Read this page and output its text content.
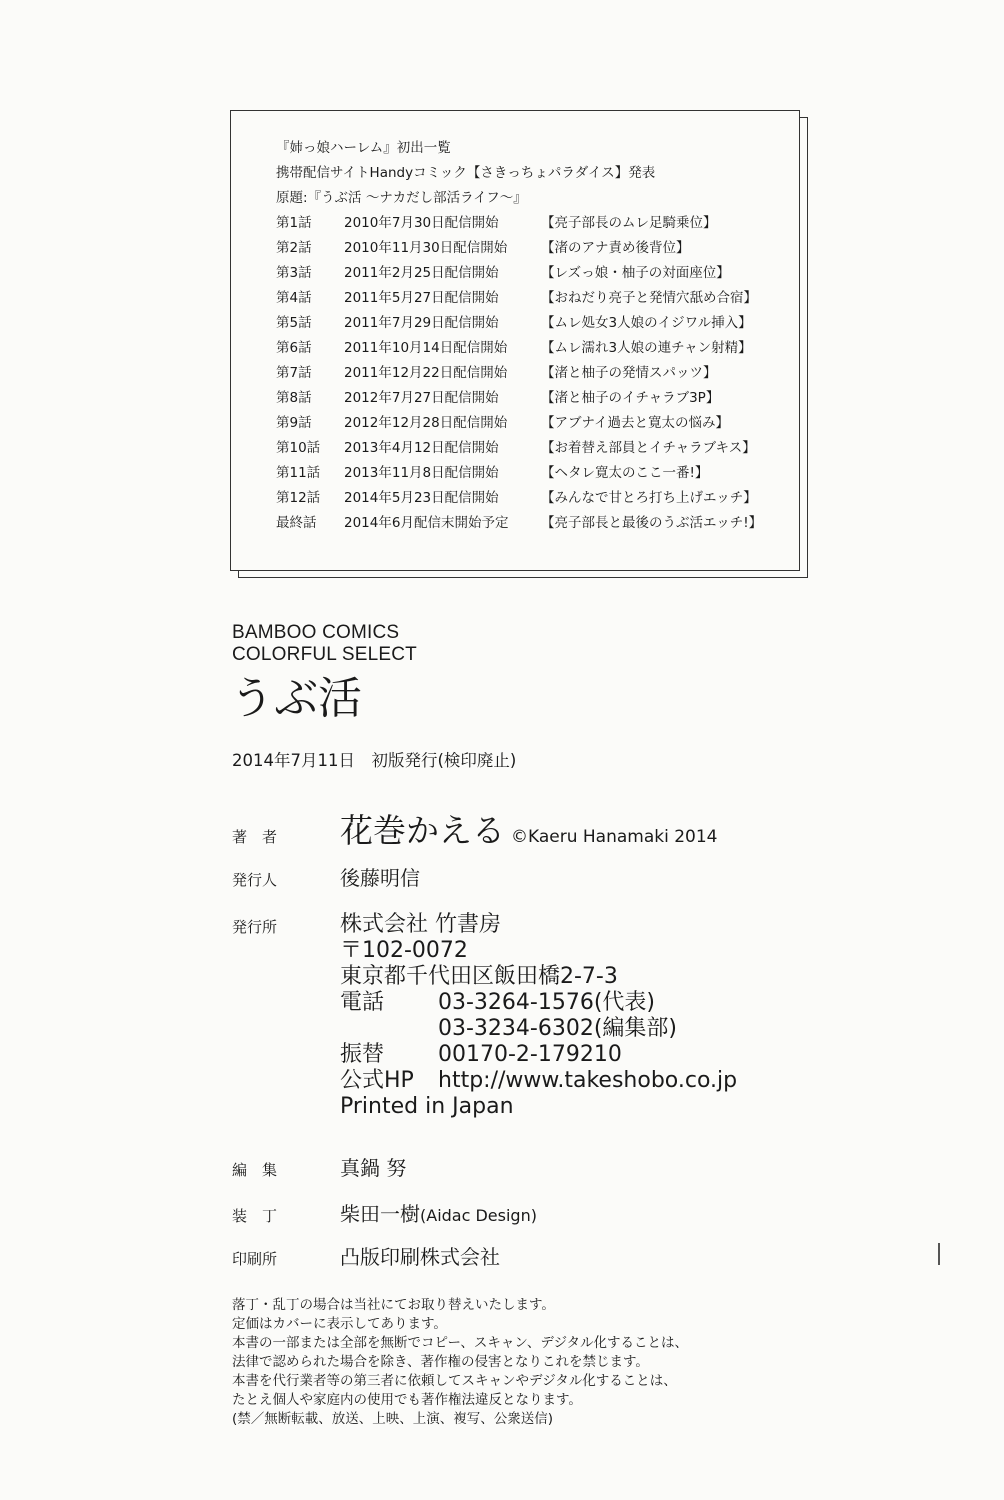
『姉っ娘ハーレム』初出一覧
携帯配信サイトHandyコミック【さきっちょパラダイス】発表
原題:『うぶ活 〜ナカだし部活ライフ〜』
第1話	2010年7月30日配信開始	【亮子部長のムレ足騎乗位】
第2話	2010年11月30日配信開始	【渚のアナ責め後背位】
第3話	2011年2月25日配信開始	【レズっ娘・柚子の対面座位】
第4話	2011年5月27日配信開始	【おねだり亮子と発情穴舐め合宿】
第5話	2011年7月29日配信開始	【ムレ処女3人娘のイジワル挿入】
第6話	2011年10月14日配信開始	【ムレ濡れ3人娘の連チャン射精】
第7話	2011年12月22日配信開始	【渚と柚子の発情スパッツ】
第8話	2012年7月27日配信開始	【渚と柚子のイチャラブ3P】
第9話	2012年12月28日配信開始	【アブナイ過去と寛太の悩み】
第10話	2013年4月12日配信開始	【お着替え部員とイチャラブキス】
第11話	2013年11月8日配信開始	【ヘタレ寛太のここ一番!】
第12話	2014年5月23日配信開始	【みんなで甘とろ打ち上げエッチ】
最終話	2014年6月配信末開始予定	【亮子部長と最後のうぶ活エッチ!】
BAMBOO COMICS
COLORFUL SELECT
うぶ活
2014年7月11日　初版発行(検印廃止)
著　者	花巻かえる ©Kaeru Hanamaki 2014
発行人	後藤明信
発行所	株式会社 竹書房
〒102-0072
東京都千代田区飯田橋2-7-3
電話	03-3264-1576(代表)
03-3234-6302(編集部)
振替	00170-2-179210
公式HP	http://www.takeshobo.co.jp
Printed in Japan
編　集	真鍋 努
装　丁	柴田一樹 (Aidac Design)
印刷所	凸版印刷株式会社
落丁・乱丁の場合は当社にてお取り替えいたします。
定価はカバーに表示してあります。
本書の一部または全部を無断でコピー、スキャン、デジタル化することは、
法律で認められた場合を除き、著作権の侵害となりこれを禁じます。
本書を代行業者等の第三者に依頼してスキャンやデジタル化することは、
たとえ個人や家庭内の使用でも著作権法違反となります。
(禁／無断転載、放送、上映、上演、複写、公衆送信)
